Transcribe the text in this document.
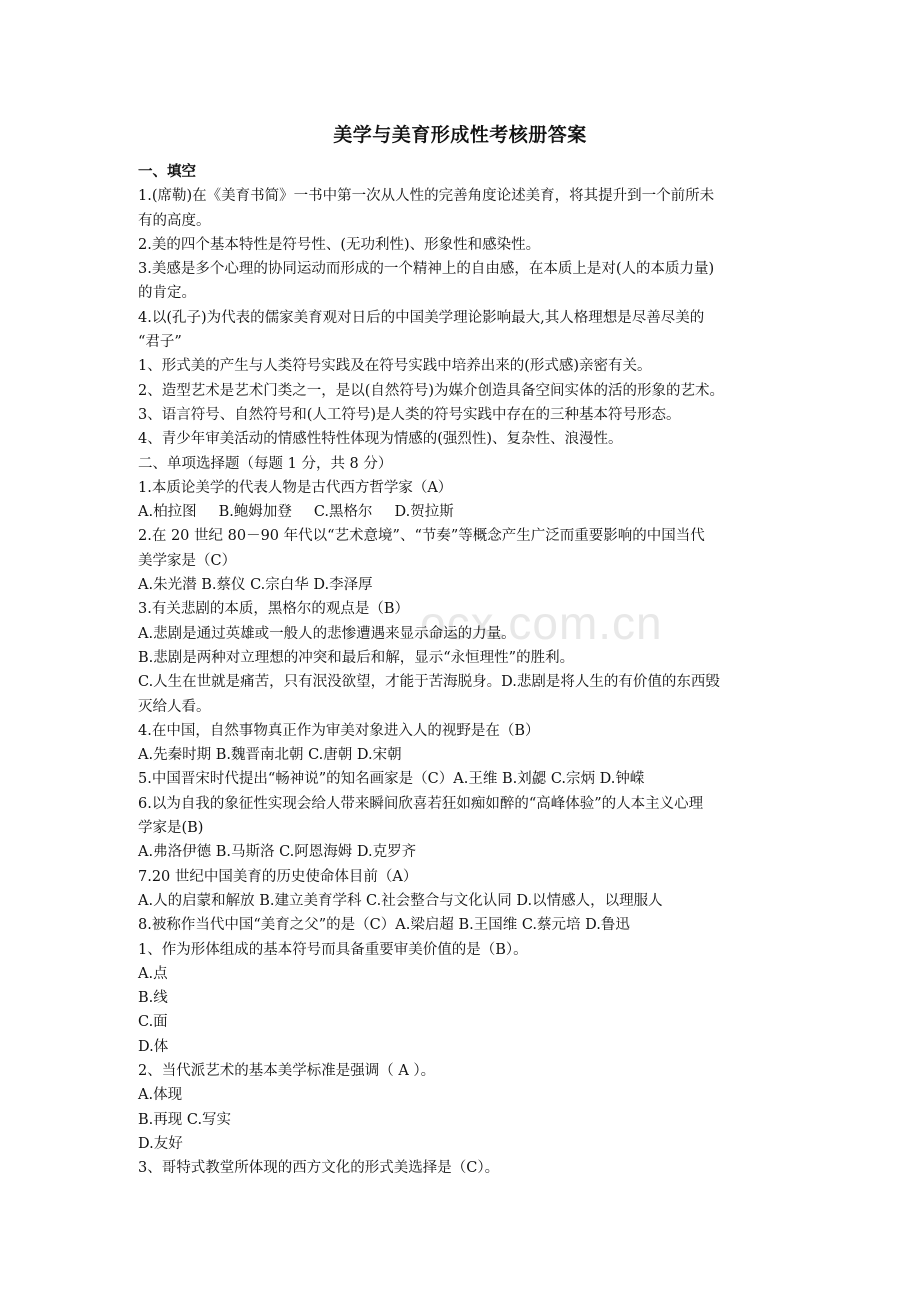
ocx.com.cn
美学与美育形成性考核册答案
一、填空
1.(席勒)在《美育书简》一书中第一次从人性的完善角度论述美育，将其提升到一个前所未
有的高度。
2.美的四个基本特性是符号性、(无功利性)、形象性和感染性。
3.美感是多个心理的协同运动而形成的一个精神上的自由感，在本质上是对(人的本质力量)
的肯定。
4.以(孔子)为代表的儒家美育观对日后的中国美学理论影响最大,其人格理想是尽善尽美的
“君子”
1、形式美的产生与人类符号实践及在符号实践中培养出来的(形式感)亲密有关。
2、造型艺术是艺术门类之一，是以(自然符号)为媒介创造具备空间实体的活的形象的艺术。
3、语言符号、自然符号和(人工符号)是人类的符号实践中存在的三种基本符号形态。
4、青少年审美活动的情感性特性体现为情感的(强烈性)、复杂性、浪漫性。
二、单项选择题（每题 1 分，共 8 分）
1.本质论美学的代表人物是古代西方哲学家（A）
A.柏拉图 B.鲍姆加登 C.黑格尔 D.贺拉斯
2.在 20 世纪 80－90 年代以“艺术意境”、“节奏”等概念产生广泛而重要影响的中国当代
美学家是（C）
A.朱光潜 B.蔡仪 C.宗白华 D.李泽厚
3.有关悲剧的本质，黑格尔的观点是（B）
A.悲剧是通过英雄或一般人的悲惨遭遇来显示命运的力量。
B.悲剧是两种对立理想的冲突和最后和解，显示“永恒理性”的胜利。
C.人生在世就是痛苦，只有泯没欲望，才能于苦海脱身。D.悲剧是将人生的有价值的东西毁
灭给人看。
4.在中国，自然事物真正作为审美对象进入人的视野是在（B）
A.先秦时期 B.魏晋南北朝 C.唐朝 D.宋朝
5.中国晋宋时代提出“畅神说”的知名画家是（C）A.王维 B.刘勰 C.宗炳 D.钟嵘
6.以为自我的象征性实现会给人带来瞬间欣喜若狂如痴如醉的“高峰体验”的人本主义心理
学家是(B)
A.弗洛伊德 B.马斯洛 C.阿恩海姆 D.克罗齐
7.20 世纪中国美育的历史使命体目前（A）
A.人的启蒙和解放 B.建立美育学科 C.社会整合与文化认同 D.以情感人，以理服人
8.被称作当代中国“美育之父”的是（C）A.梁启超 B.王国维 C.蔡元培 D.鲁迅
1、作为形体组成的基本符号而具备重要审美价值的是（B）。
A.点
B.线
C.面
D.体
2、当代派艺术的基本美学标准是强调（ A ）。
A.体现
B.再现 C.写实
D.友好
3、哥特式教堂所体现的西方文化的形式美选择是（C）。
